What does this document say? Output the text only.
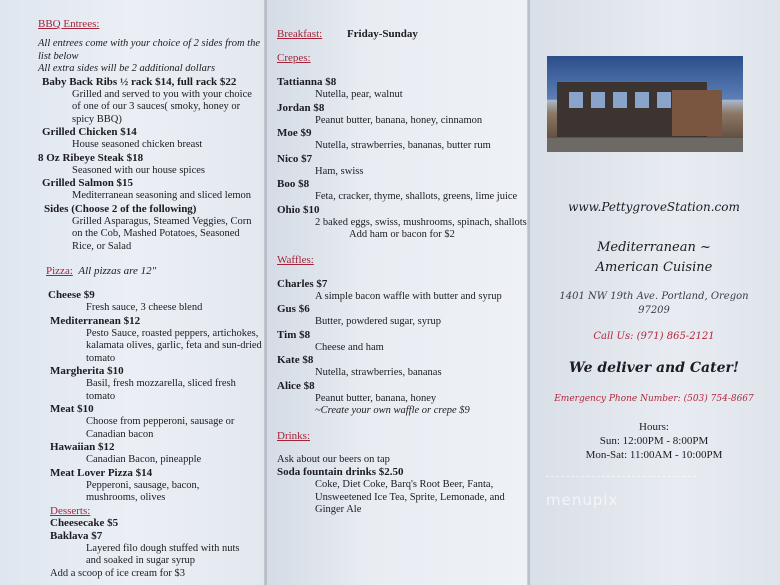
BBQ Entrees:
All entrees come with your choice of 2 sides from the list below
All extra sides will be 2 additional dollars
Baby Back Ribs ½ rack $14, full rack $22
Grilled and served to you with your choice of one of our 3 sauces( smoky, honey or spicy BBQ)
Grilled Chicken $14
House seasoned chicken breast
8 Oz Ribeye Steak $18
Seasoned with our house spices
Grilled Salmon $15
Mediterranean seasoning and sliced lemon
Sides (Choose 2 of the following)
Grilled Asparagus, Steamed Veggies, Corn on the Cob, Mashed Potatoes, Seasoned Rice, or Salad
Pizza: All pizzas are 12"
Cheese $9
Fresh sauce, 3 cheese blend
Mediterranean $12
Pesto Sauce, roasted peppers, artichokes, kalamata olives, garlic, feta and sun-dried tomato
Margherita $10
Basil, fresh mozzarella, sliced fresh tomato
Meat $10
Choose from pepperoni, sausage or Canadian bacon
Hawaiian $12
Canadian Bacon, pineapple
Meat Lover Pizza $14
Pepperoni, sausage, bacon, mushrooms, olives
Desserts:
Cheesecake $5
Baklava $7
Layered filo dough stuffed with nuts and soaked in sugar syrup
Add a scoop of ice cream for $3
Breakfast: Friday-Sunday
Crepes:
Tattianna $8
Nutella, pear, walnut
Jordan $8
Peanut butter, banana, honey, cinnamon
Moe $9
Nutella, strawberries, bananas, butter rum
Nico $7
Ham, swiss
Boo $8
Feta, cracker, thyme, shallots, greens, lime juice
Ohio $10
2 baked eggs, swiss, mushrooms, spinach, shallots
Add ham or bacon for $2
Waffles:
Charles $7
A simple bacon waffle with butter and syrup
Gus $6
Butter, powdered sugar, syrup
Tim $8
Cheese and ham
Kate $8
Nutella, strawberries, bananas
Alice $8
Peanut butter, banana, honey
~Create your own waffle or crepe $9
Drinks:
Ask about our beers on tap
Soda fountain drinks $2.50
Coke, Diet Coke, Barq's Root Beer, Fanta, Unsweetened Ice Tea, Sprite, Lemonade, and Ginger Ale
www.PettygroveStation.com
Mediterranean ~ American Cuisine
1401 NW 19th Ave. Portland, Oregon
97209
Call Us: (971) 865-2121
We deliver and Cater!
Emergency Phone Number: (503) 754-8667
Hours:
Sun: 12:00PM - 8:00PM
Mon-Sat: 11:00AM - 10:00PM
menupix
